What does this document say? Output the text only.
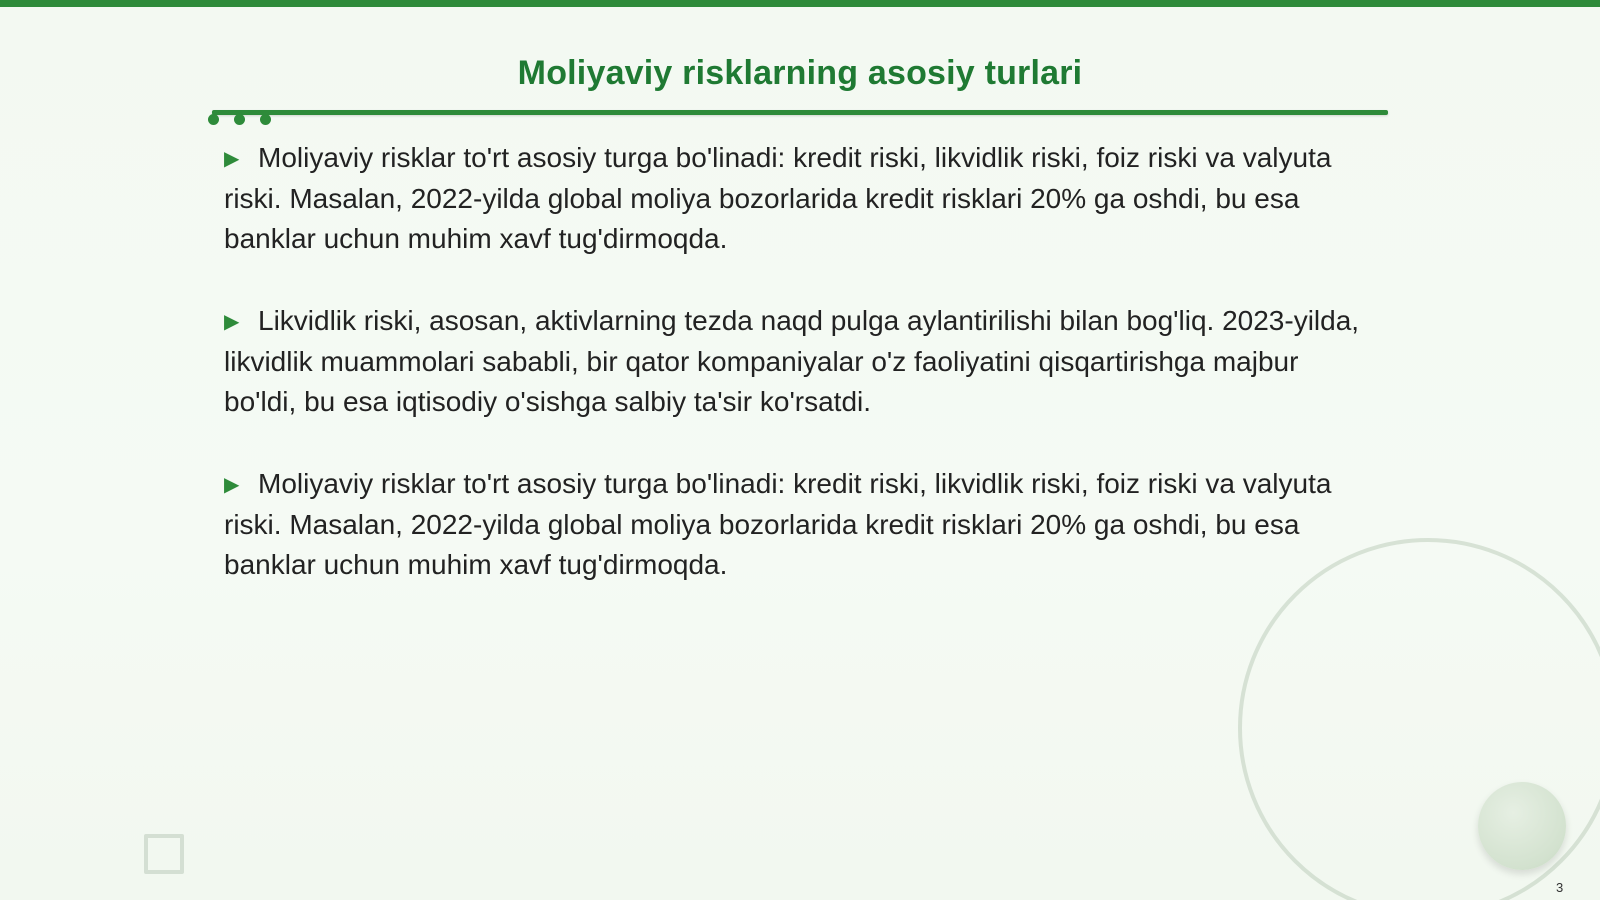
Moliyaviy risklarning asosiy turlari

▶ Moliyaviy risklar to'rt asosiy turga bo'linadi: kredit riski, likvidlik riski, foiz riski va valyuta riski. Masalan, 2022-yilda global moliya bozorlarida kredit risklari 20% ga oshdi, bu esa banklar uchun muhim xavf tug'dirmoqda.

▶ Likvidlik riski, asosan, aktivlarning tezda naqd pulga aylantirilishi bilan bog'liq. 2023-yilda, likvidlik muammolari sababli, bir qator kompaniyalar o'z faoliyatini qisqartirishga majbur bo'ldi, bu esa iqtisodiy o'sishga salbiy ta'sir ko'rsatdi.

▶ Moliyaviy risklar to'rt asosiy turga bo'linadi: kredit riski, likvidlik riski, foiz riski va valyuta riski. Masalan, 2022-yilda global moliya bozorlarida kredit risklari 20% ga oshdi, bu esa banklar uchun muhim xavf tug'dirmoqda.

3
